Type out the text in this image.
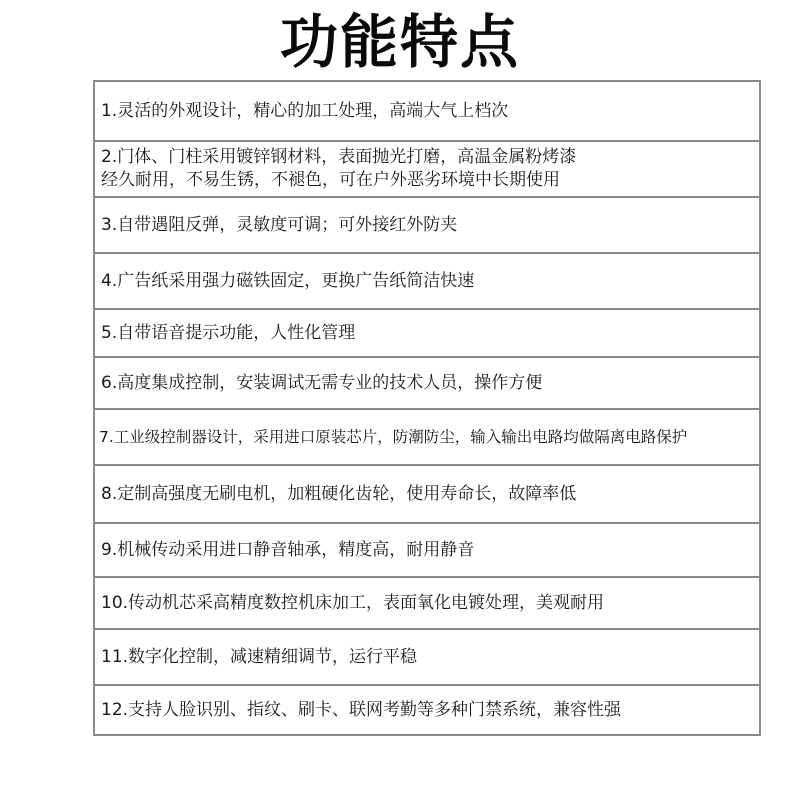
功能特点
1.灵活的外观设计，精心的加工处理，高端大气上档次
2.门体、门柱采用镀锌钢材料，表面抛光打磨，高温金属粉烤漆
经久耐用，不易生锈，不褪色，可在户外恶劣环境中长期使用
3.自带遇阻反弹，灵敏度可调；可外接红外防夹
4.广告纸采用强力磁铁固定，更换广告纸简洁快速
5.自带语音提示功能，人性化管理
6.高度集成控制，安装调试无需专业的技术人员，操作方便
7.工业级控制器设计，采用进口原装芯片，防潮防尘，输入输出电路均做隔离电路保护
8.定制高强度无刷电机，加粗硬化齿轮，使用寿命长，故障率低
9.机械传动采用进口静音轴承，精度高，耐用静音
10.传动机芯采高精度数控机床加工，表面氧化电镀处理，美观耐用
11.数字化控制，减速精细调节，运行平稳
12.支持人脸识别、指纹、刷卡、联网考勤等多种门禁系统，兼容性强
